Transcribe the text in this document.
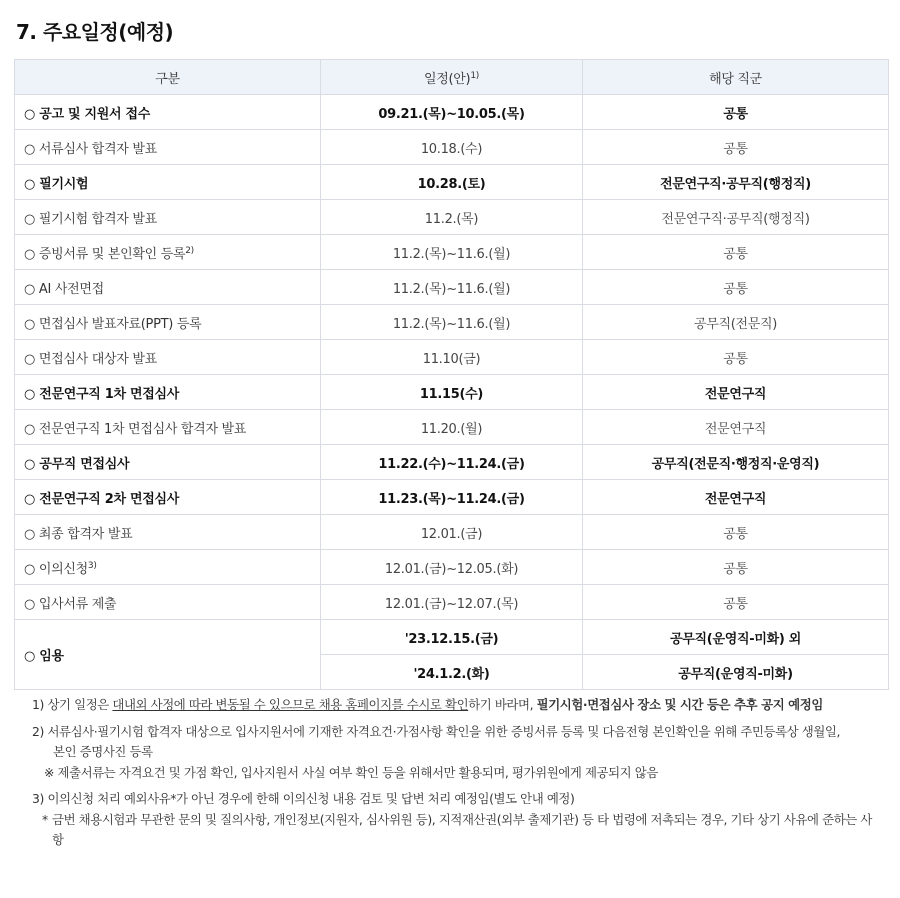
7. 주요일정(예정)
구분	일정(안)$^{1)}$	해당 직군
○ 공고 및 지원서 접수	09.21.(목)~10.05.(목)	공통
○ 서류심사 합격자 발표	10.18.(수)	공통
○ 필기시험	10.28.(토)	전문연구직·공무직(행정직)
○ 필기시험 합격자 발표	11.2.(목)	전문연구직·공무직(행정직)
○ 증빙서류 및 본인확인 등록$^{2)}$	11.2.(목)~11.6.(월)	공통
○ AI 사전면접	11.2.(목)~11.6.(월)	공통
○ 면접심사 발표자료(PPT) 등록	11.2.(목)~11.6.(월)	공무직(전문직)
○ 면접심사 대상자 발표	11.10(금)	공통
○ 전문연구직 1차 면접심사	11.15(수)	전문연구직
○ 전문연구직 1차 면접심사 합격자 발표	11.20.(월)	전문연구직
○ 공무직 면접심사	11.22.(수)~11.24.(금)	공무직(전문직·행정직·운영직)
○ 전문연구직 2차 면접심사	11.23.(목)~11.24.(금)	전문연구직
○ 최종 합격자 발표	12.01.(금)	공통
○ 이의신청$^{3)}$	12.01.(금)~12.05.(화)	공통
○ 입사서류 제출	12.01.(금)~12.07.(목)	공통
○ 임용	'23.12.15.(금)	공무직(운영직-미화) 외
	'24.1.2.(화)	공무직(운영직-미화)
1) 상기 일정은 대내외 사정에 따라 변동될 수 있으므로 채용 홈페이지를 수시로 확인하기 바라며, 필기시험·면접심사 장소 및 시간 등은 추후 공지 예정임
2) 서류심사·필기시험 합격자 대상으로 입사지원서에 기재한 자격요건·가점사항 확인을 위한 증빙서류 등록 및 다음전형 본인확인을 위해 주민등록상 생월일,
본인 증명사진 등록
※ 제출서류는 자격요건 및 가점 확인, 입사지원서 사실 여부 확인 등을 위해서만 활용되며, 평가위원에게 제공되지 않음
3) 이의신청 처리 예외사유*가 아닌 경우에 한해 이의신청 내용 검토 및 답변 처리 예정임(별도 안내 예정)
* 금번 채용시험과 무관한 문의 및 질의사항, 개인정보(지원자, 심사위원 등), 지적재산권(외부 출제기관) 등 타 법령에 저촉되는 경우, 기타 상기 사유에 준하는 사항
